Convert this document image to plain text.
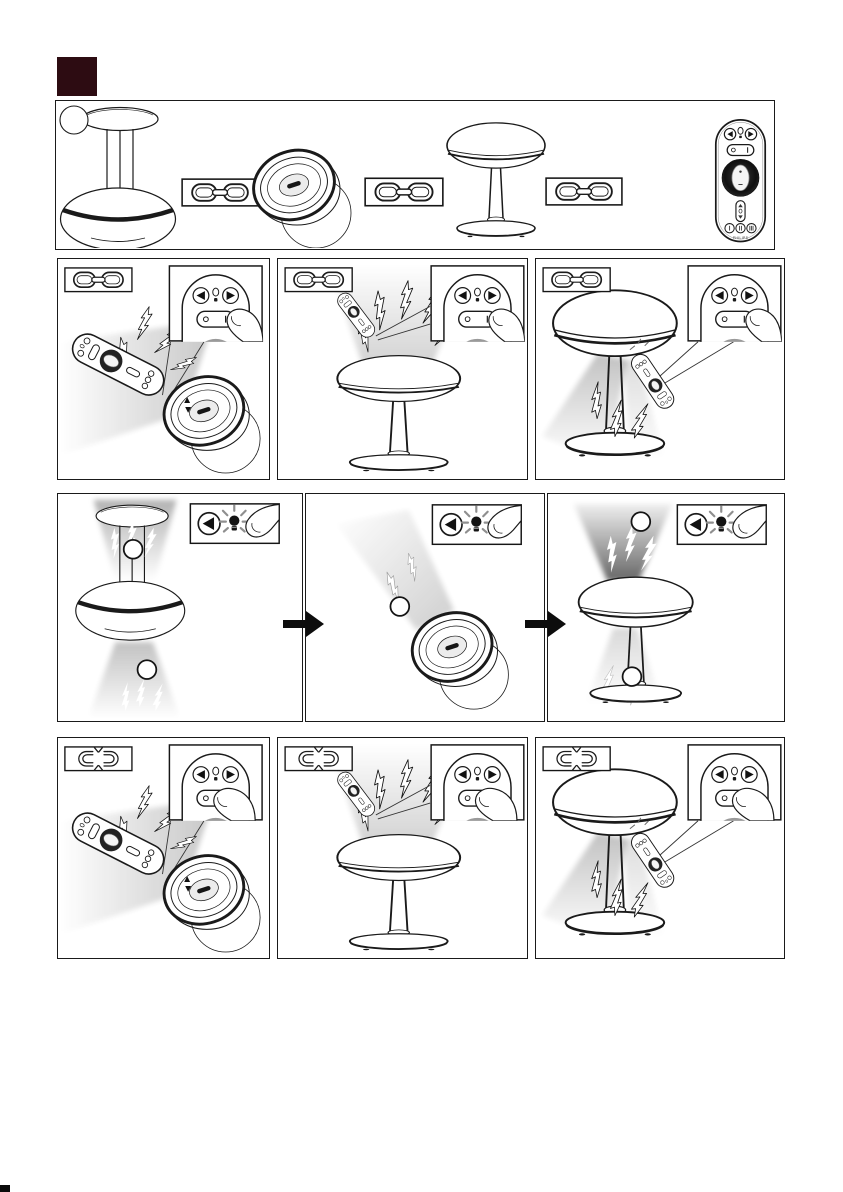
PHILIPS
